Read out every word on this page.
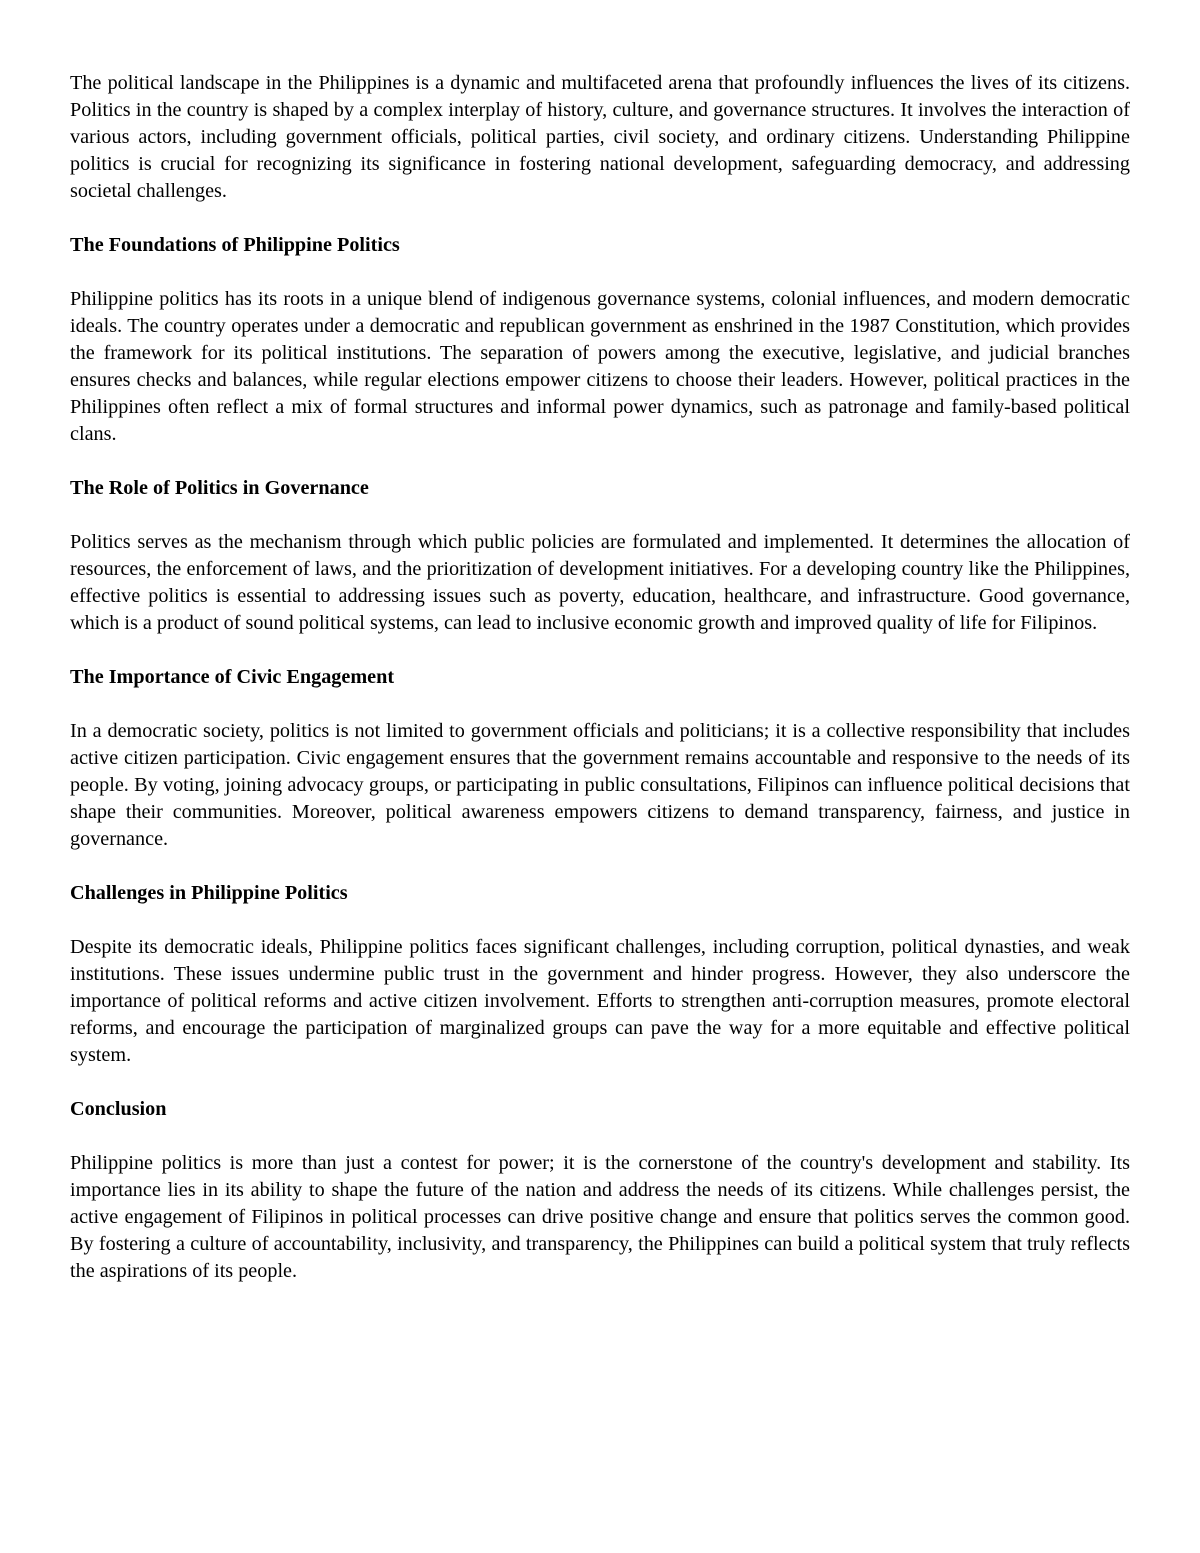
The political landscape in the Philippines is a dynamic and multifaceted arena that profoundly influences the lives of its citizens. Politics in the country is shaped by a complex interplay of history, culture, and governance structures. It involves the interaction of various actors, including government officials, political parties, civil society, and ordinary citizens. Understanding Philippine politics is crucial for recognizing its significance in fostering national development, safeguarding democracy, and addressing societal challenges.

The Foundations of Philippine Politics

Philippine politics has its roots in a unique blend of indigenous governance systems, colonial influences, and modern democratic ideals. The country operates under a democratic and republican government as enshrined in the 1987 Constitution, which provides the framework for its political institutions. The separation of powers among the executive, legislative, and judicial branches ensures checks and balances, while regular elections empower citizens to choose their leaders. However, political practices in the Philippines often reflect a mix of formal structures and informal power dynamics, such as patronage and family-based political clans.

The Role of Politics in Governance

Politics serves as the mechanism through which public policies are formulated and implemented. It determines the allocation of resources, the enforcement of laws, and the prioritization of development initiatives. For a developing country like the Philippines, effective politics is essential to addressing issues such as poverty, education, healthcare, and infrastructure. Good governance, which is a product of sound political systems, can lead to inclusive economic growth and improved quality of life for Filipinos.

The Importance of Civic Engagement

In a democratic society, politics is not limited to government officials and politicians; it is a collective responsibility that includes active citizen participation. Civic engagement ensures that the government remains accountable and responsive to the needs of its people. By voting, joining advocacy groups, or participating in public consultations, Filipinos can influence political decisions that shape their communities. Moreover, political awareness empowers citizens to demand transparency, fairness, and justice in governance.

Challenges in Philippine Politics

Despite its democratic ideals, Philippine politics faces significant challenges, including corruption, political dynasties, and weak institutions. These issues undermine public trust in the government and hinder progress. However, they also underscore the importance of political reforms and active citizen involvement. Efforts to strengthen anti-corruption measures, promote electoral reforms, and encourage the participation of marginalized groups can pave the way for a more equitable and effective political system.

Conclusion

Philippine politics is more than just a contest for power; it is the cornerstone of the country's development and stability. Its importance lies in its ability to shape the future of the nation and address the needs of its citizens. While challenges persist, the active engagement of Filipinos in political processes can drive positive change and ensure that politics serves the common good. By fostering a culture of accountability, inclusivity, and transparency, the Philippines can build a political system that truly reflects the aspirations of its people.
